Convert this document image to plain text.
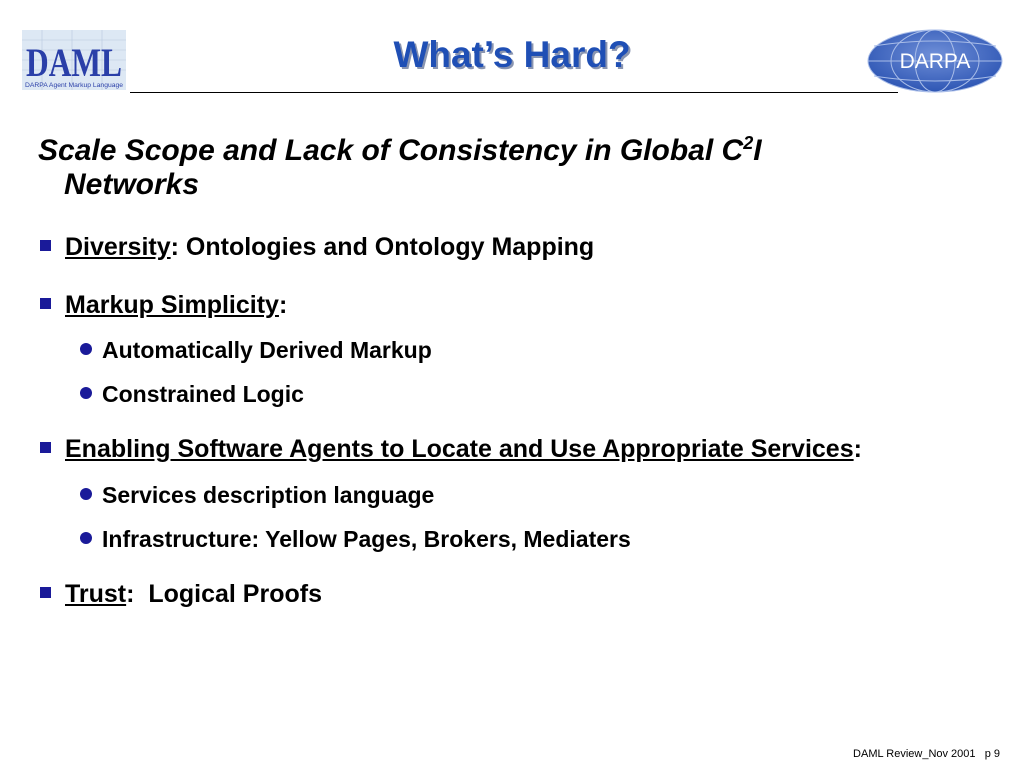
DAML
DARPA Agent Markup Language
What’s Hard?	DARPA
Scale Scope and Lack of Consistency in Global $C^2I$
Networks
Diversity: Ontologies and Ontology Mapping
Markup Simplicity:
Automatically Derived Markup
Constrained Logic
Enabling Software Agents to Locate and Use Appropriate Services:
Services description language
Infrastructure: Yellow Pages, Brokers, Mediaters
Trust:  Logical Proofs
DAML Review_Nov 2001   p 9
